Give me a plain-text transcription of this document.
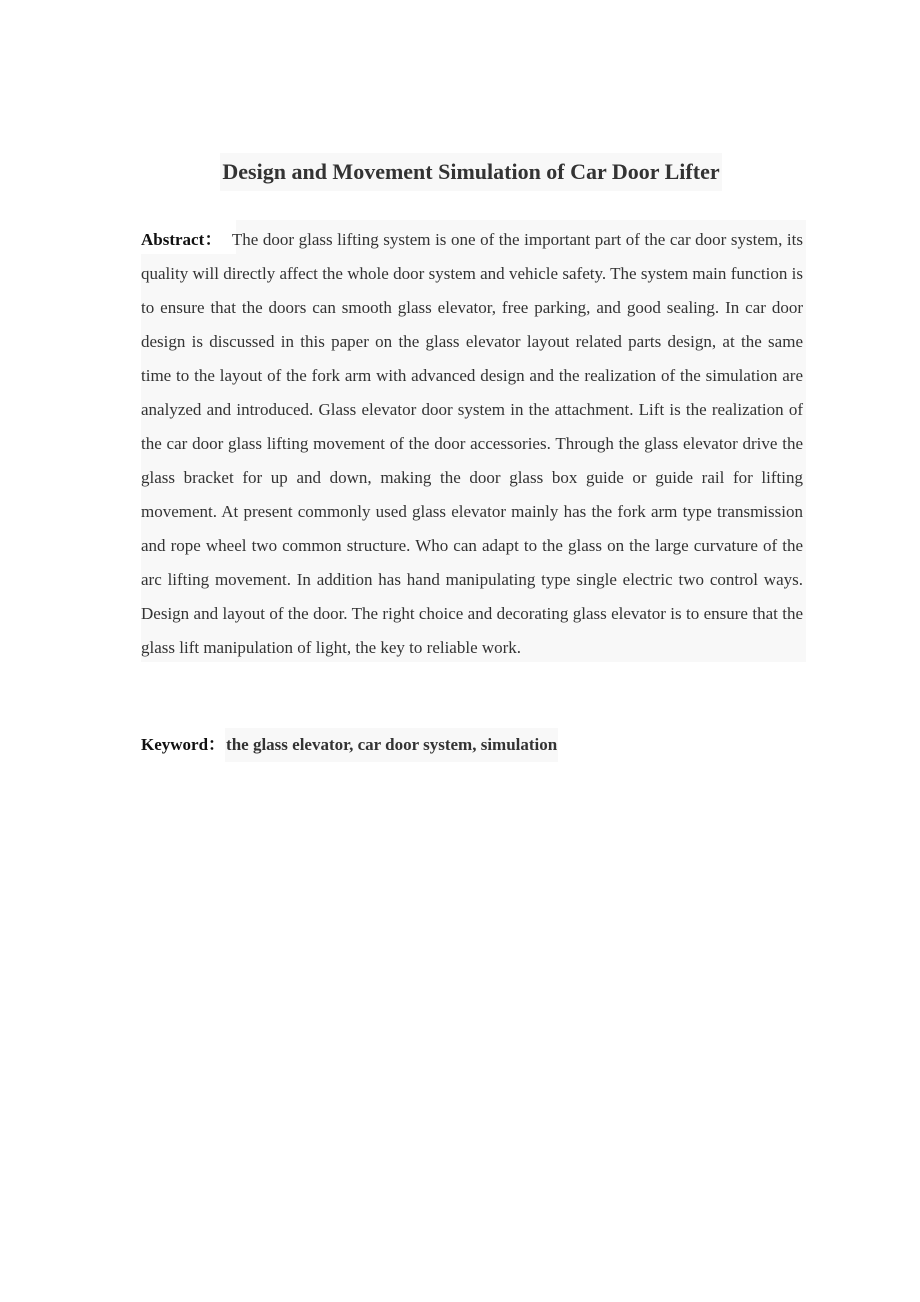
Design and Movement Simulation of Car Door Lifter

Abstract： The door glass lifting system is one of the important part of the car door system, its quality will directly affect the whole door system and vehicle safety. The system main function is to ensure that the doors can smooth glass elevator, free parking, and good sealing. In car door design is discussed in this paper on the glass elevator layout related parts design, at the same time to the layout of the fork arm with advanced design and the realization of the simulation are analyzed and introduced. Glass elevator door system in the attachment. Lift is the realization of the car door glass lifting movement of the door accessories. Through the glass elevator drive the glass bracket for up and down, making the door glass box guide or guide rail for lifting movement. At present commonly used glass elevator mainly has the fork arm type transmission and rope wheel two common structure. Who can adapt to the glass on the large curvature of the arc lifting movement. In addition has hand manipulating type single electric two control ways. Design and layout of the door. The right choice and decorating glass elevator is to ensure that the glass lift manipulation of light, the key to reliable work.

Keyword：the glass elevator, car door system, simulation
